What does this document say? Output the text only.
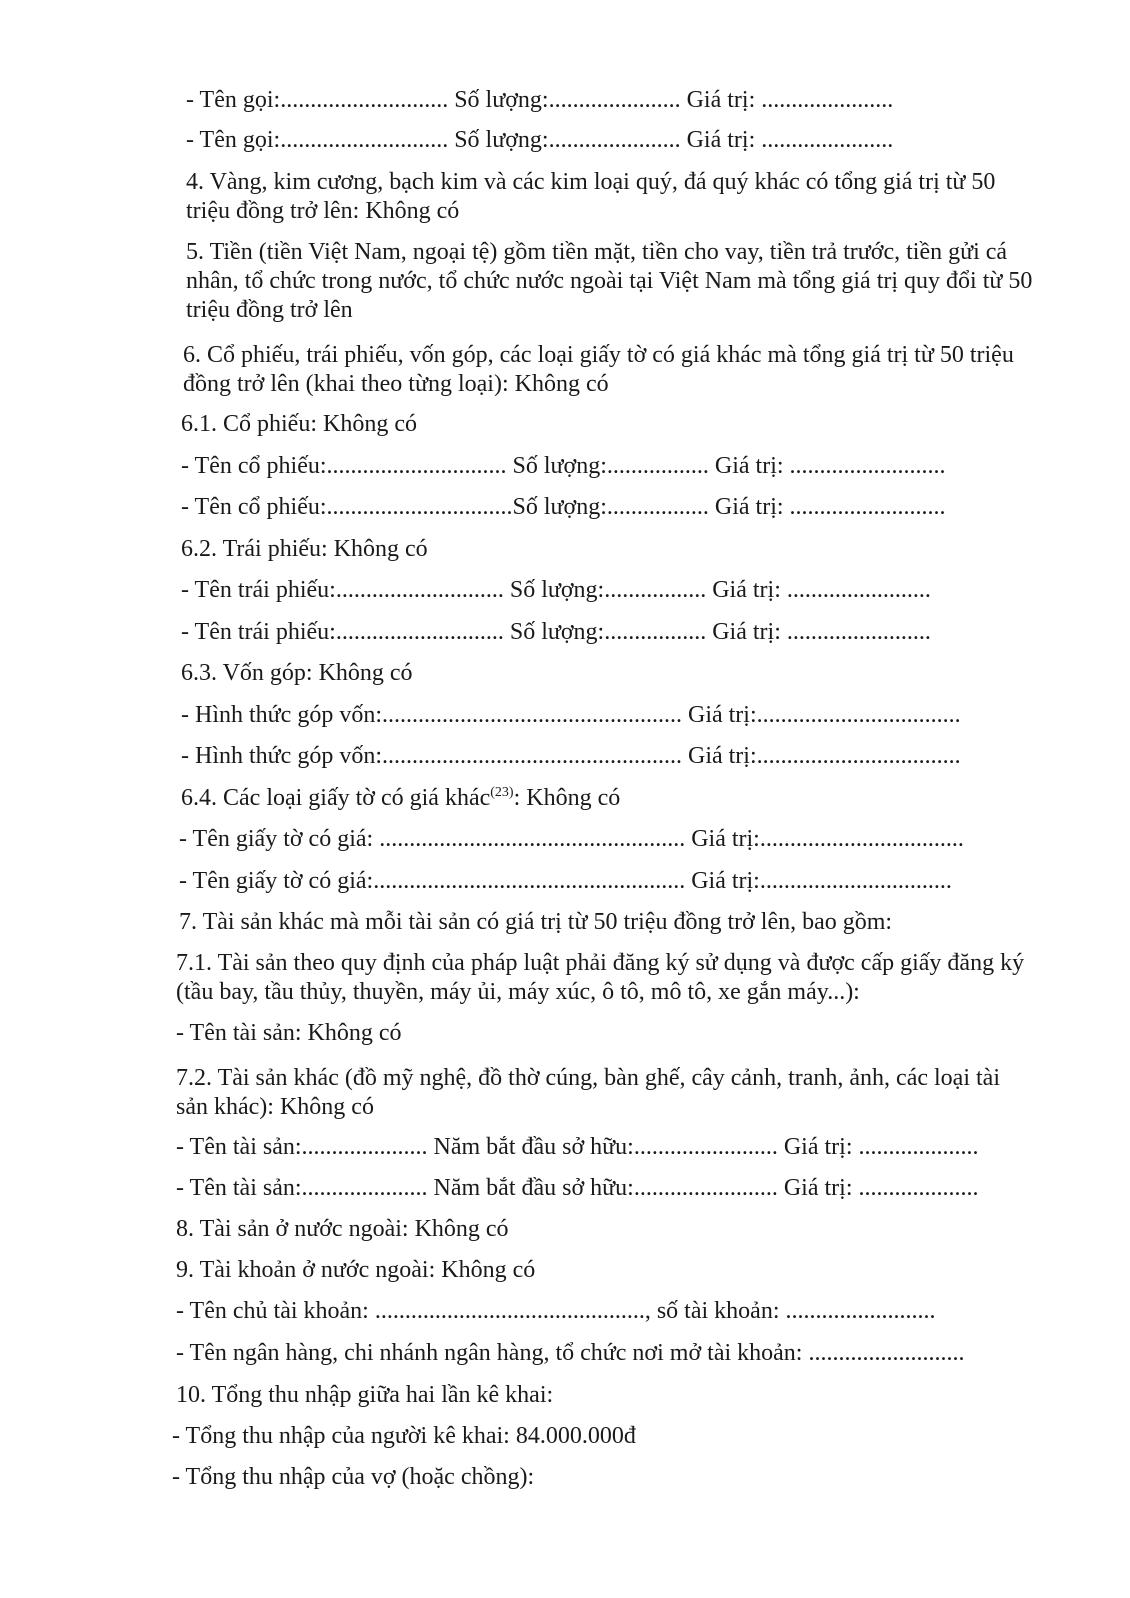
- Tên gọi:............................ Số lượng:...................... Giá trị: ......................
- Tên gọi:............................ Số lượng:...................... Giá trị: ......................
4. Vàng, kim cương, bạch kim và các kim loại quý, đá quý khác có tổng giá trị từ 50 triệu đồng trở lên: Không có
5. Tiền (tiền Việt Nam, ngoại tệ) gồm tiền mặt, tiền cho vay, tiền trả trước, tiền gửi cá nhân, tổ chức trong nước, tổ chức nước ngoài tại Việt Nam mà tổng giá trị quy đổi từ 50 triệu đồng trở lên
6. Cổ phiếu, trái phiếu, vốn góp, các loại giấy tờ có giá khác mà tổng giá trị từ 50 triệu đồng trở lên (khai theo từng loại): Không có
6.1. Cổ phiếu: Không có
- Tên cổ phiếu:.............................. Số lượng:................. Giá trị: ..........................
- Tên cổ phiếu:...............................Số lượng:................. Giá trị: ..........................
6.2. Trái phiếu: Không có
- Tên trái phiếu:............................ Số lượng:................. Giá trị: ........................
- Tên trái phiếu:............................ Số lượng:................. Giá trị: ........................
6.3. Vốn góp: Không có
- Hình thức góp vốn:.................................................. Giá trị:..................................
- Hình thức góp vốn:.................................................. Giá trị:..................................
6.4. Các loại giấy tờ có giá khác$^{(23)}$: Không có
- Tên giấy tờ có giá: ................................................... Giá trị:..................................
- Tên giấy tờ có giá:.................................................... Giá trị:................................
7. Tài sản khác mà mỗi tài sản có giá trị từ 50 triệu đồng trở lên, bao gồm:
7.1. Tài sản theo quy định của pháp luật phải đăng ký sử dụng và được cấp giấy đăng ký (tầu bay, tầu thủy, thuyền, máy ủi, máy xúc, ô tô, mô tô, xe gắn máy...):
- Tên tài sản: Không có
7.2. Tài sản khác (đồ mỹ nghệ, đồ thờ cúng, bàn ghế, cây cảnh, tranh, ảnh, các loại tài sản khác): Không có
- Tên tài sản:..................... Năm bắt đầu sở hữu:........................ Giá trị: ....................
- Tên tài sản:..................... Năm bắt đầu sở hữu:........................ Giá trị: ....................
8. Tài sản ở nước ngoài: Không có
9. Tài khoản ở nước ngoài: Không có
- Tên chủ tài khoản: ............................................., số tài khoản: .........................
- Tên ngân hàng, chi nhánh ngân hàng, tổ chức nơi mở tài khoản: ..........................
10. Tổng thu nhập giữa hai lần kê khai:
- Tổng thu nhập của người kê khai: 84.000.000đ
- Tổng thu nhập của vợ (hoặc chồng):
